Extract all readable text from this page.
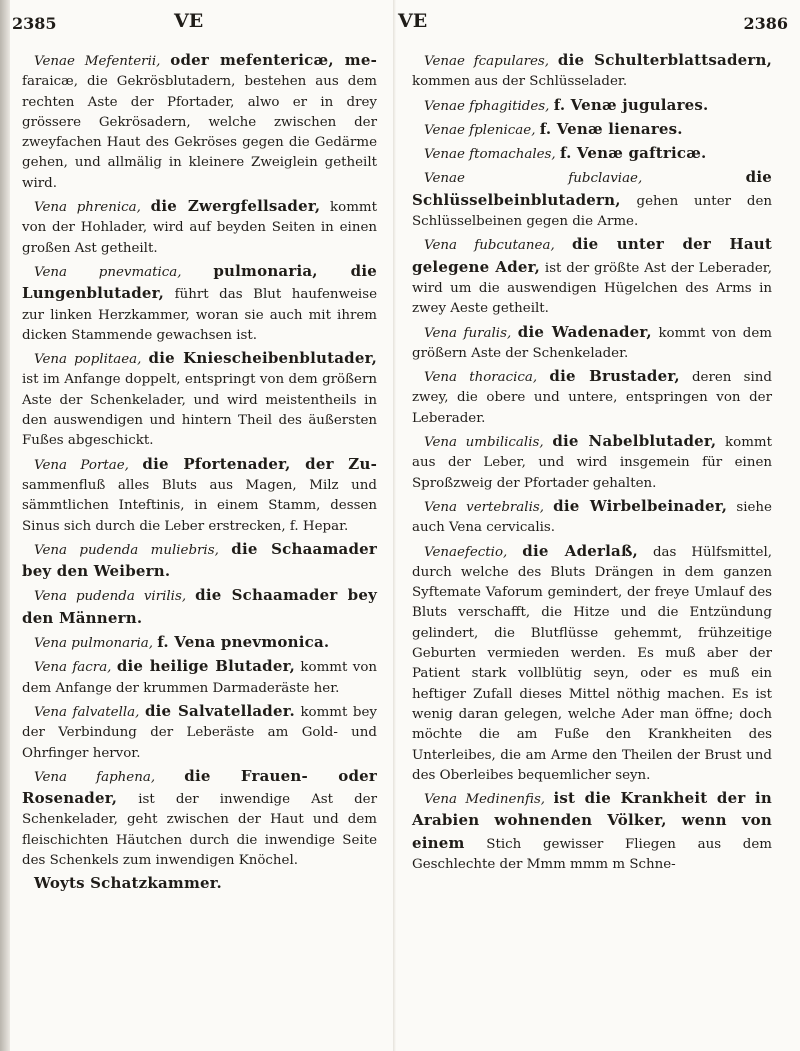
2385	VE	VE	2386

Venae Mefenterii, oder mefentericæ, me- faraicæ, die Gekrösblutadern, bestehen aus dem rechten Aste der Pfortader, alwo er in drey grössere Gekrösadern, welche zwischen der zweyfachen Haut des Gekröses gegen die Gedärme gehen, und allmälig in kleinere Zweiglein getheilt wird.

Vena phrenica, die Zwergfellsader, kommt von der Hohlader, wird auf beyden Seiten in einen großen Ast getheilt.

Vena pnevmatica, pulmonaria, die Lungenblutader, führt das Blut haufenweise zur linken Herzkammer, woran sie auch mit ihrem dicken Stammende gewachsen ist.

Vena poplitaea, die Kniescheibenblutader, ist im Anfange doppelt, entspringt von dem größern Aste der Schenkelader, und wird meistentheils in den auswendigen und hintern Theil des äußersten Fußes abgeschickt.

Vena Portae, die Pfortenader, der Zu- sammenfluß alles Bluts aus Magen, Milz und sämmtlichen Inteftinis, in einem Stamm, dessen Sinus sich durch die Leber erstrecken, f. Hepar.

Vena pudenda muliebris, die Schaamader bey den Weibern.

Vena pudenda virilis, die Schaamader bey den Männern.

Vena pulmonaria, f. Vena pnevmonica.

Vena facra, die heilige Blutader, kommt von dem Anfange der krummen Darmaderäste her.

Vena falvatella, die Salvatellader. kommt bey der Verbindung der Leberäste am Gold- und Ohrfinger hervor.

Vena faphena, die Frauen- oder Rosenader, ist der inwendige Ast der Schenkelader, geht zwischen der Haut und dem fleischichten Häutchen durch die inwendige Seite des Schenkels zum inwendigen Knöchel.

Woyts Schatzkammer.

Venae fcapulares, die Schulterblattsadern, kommen aus der Schlüsselader.

Venae fphagitides, f. Venæ jugulares.

Venae fplenicae, f. Venæ lienares.

Venae ftomachales, f. Venæ gaftricæ.

Venae fubclaviae,	die Schlüsselbeinblutadern, gehen unter den Schlüsselbeinen gegen die Arme.

Vena fubcutanea, die unter der Haut gelegene Ader, ist der größte Ast der Leberader, wird um die auswendigen Hügelchen des Arms in zwey Aeste getheilt.

Vena furalis, die Wadenader, kommt von dem größern Aste der Schenkelader.

Vena thoracica, die Brustader, deren sind zwey, die obere und untere, entspringen von der Leberader.

Vena umbilicalis, die Nabelblutader, kommt aus der Leber, und wird insgemein für einen Sproßzweig der Pfortader gehalten.

Vena vertebralis, die Wirbelbeinader, siehe auch Vena cervicalis.

Venaefectio, die Aderlaß, das Hülfsmittel, durch welche des Bluts Drängen in dem ganzen Syftemate Vaforum gemindert, der freye Umlauf des Bluts verschafft, die Hitze und die Entzündung gelindert, die Blutflüsse gehemmt, frühzeitige Geburten vermieden werden. Es muß aber der Patient stark vollblütig seyn, oder es muß ein heftiger Zufall dieses Mittel nöthig machen. Es ist wenig daran gelegen, welche Ader man öffne; doch möchte die am Fuße den Krankheiten des Unterleibes, die am Arme den Theilen der Brust und des Oberleibes bequemlicher seyn.

Vena Medinenfis, ist die Krankheit der in Arabien wohnenden Völker, wenn von einem Stich gewisser Fliegen aus dem Geschlechte der Mmm mmm m Schne-
